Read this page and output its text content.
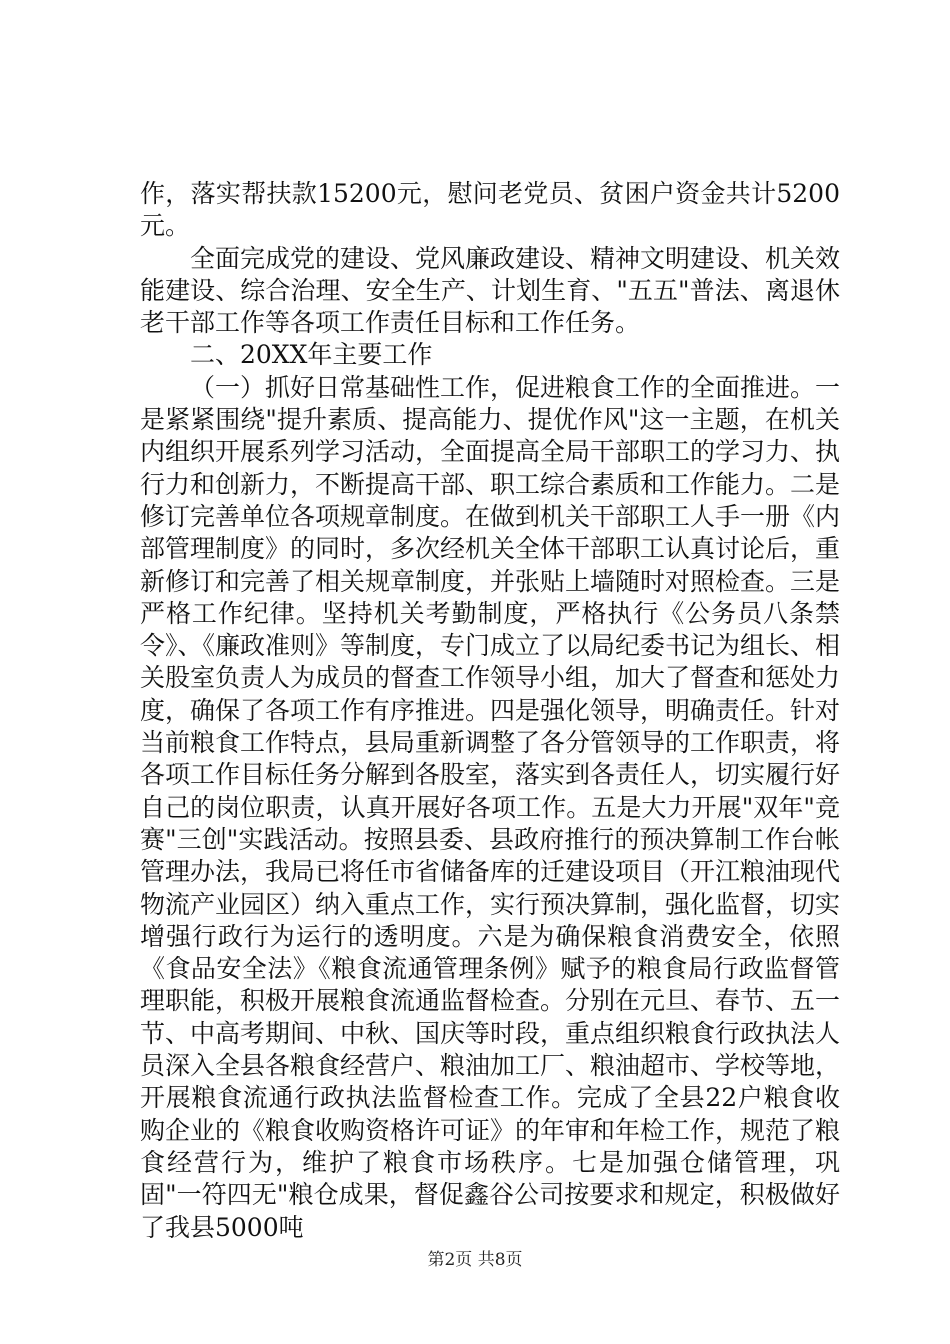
作，落实帮扶款15200元，慰问老党员、贫困户资金共计5200元。

全面完成党的建设、党风廉政建设、精神文明建设、机关效能建设、综合治理、安全生产、计划生育、"五五"普法、离退休老干部工作等各项工作责任目标和工作任务。

二、20XX年主要工作

（一）抓好日常基础性工作，促进粮食工作的全面推进。一是紧紧围绕"提升素质、提高能力、提优作风"这一主题，在机关内组织开展系列学习活动，全面提高全局干部职工的学习力、执行力和创新力，不断提高干部、职工综合素质和工作能力。二是修订完善单位各项规章制度。在做到机关干部职工人手一册《内部管理制度》的同时，多次经机关全体干部职工认真讨论后，重新修订和完善了相关规章制度，并张贴上墙随时对照检查。三是严格工作纪律。坚持机关考勤制度，严格执行《公务员八条禁令》、《廉政准则》等制度，专门成立了以局纪委书记为组长、相关股室负责人为成员的督查工作领导小组，加大了督查和惩处力度，确保了各项工作有序推进。四是强化领导，明确责任。针对当前粮食工作特点，县局重新调整了各分管领导的工作职责，将各项工作目标任务分解到各股室，落实到各责任人，切实履行好自己的岗位职责，认真开展好各项工作。五是大力开展"双年"竞赛"三创"实践活动。按照县委、县政府推行的预决算制工作台帐管理办法，我局已将任市省储备库的迁建设项目（开江粮油现代物流产业园区）纳入重点工作，实行预决算制，强化监督，切实增强行政行为运行的透明度。六是为确保粮食消费安全，依照《食品安全法》《粮食流通管理条例》赋予的粮食局行政监督管理职能，积极开展粮食流通监督检查。分别在元旦、春节、五一节、中高考期间、中秋、国庆等时段，重点组织粮食行政执法人员深入全县各粮食经营户、粮油加工厂、粮油超市、学校等地，开展粮食流通行政执法监督检查工作。完成了全县22户粮食收购企业的《粮食收购资格许可证》的年审和年检工作，规范了粮食经营行为，维护了粮食市场秩序。七是加强仓储管理，巩固"一符四无"粮仓成果，督促鑫谷公司按要求和规定，积极做好了我县5000吨

第2页 共8页
